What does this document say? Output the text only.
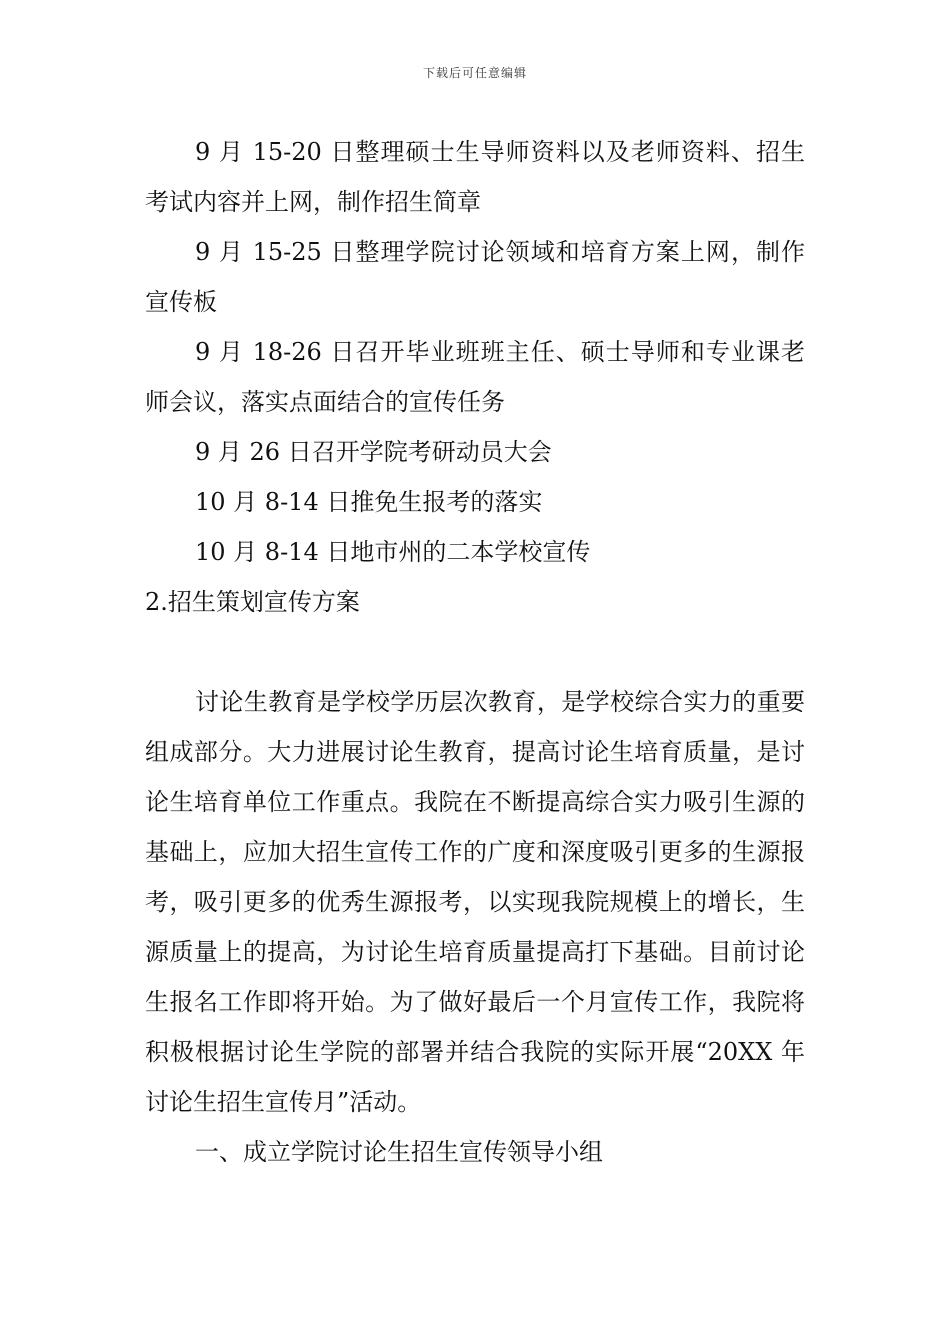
下载后可任意编辑

9 月 15-20 日整理硕士生导师资料以及老师资料、招生考试内容并上网，制作招生简章

9 月 15-25 日整理学院讨论领域和培育方案上网，制作宣传板

9 月 18-26 日召开毕业班班主任、硕士导师和专业课老师会议，落实点面结合的宣传任务

9 月 26 日召开学院考研动员大会

10 月 8-14 日推免生报考的落实

10 月 8-14 日地市州的二本学校宣传

2.招生策划宣传方案

讨论生教育是学校学历层次教育，是学校综合实力的重要组成部分。大力进展讨论生教育，提高讨论生培育质量，是讨论生培育单位工作重点。我院在不断提高综合实力吸引生源的基础上，应加大招生宣传工作的广度和深度吸引更多的生源报考，吸引更多的优秀生源报考，以实现我院规模上的增长，生源质量上的提高，为讨论生培育质量提高打下基础。目前讨论生报名工作即将开始。为了做好最后一个月宣传工作，我院将积极根据讨论生学院的部署并结合我院的实际开展“20XX 年讨论生招生宣传月”活动。

一、成立学院讨论生招生宣传领导小组
